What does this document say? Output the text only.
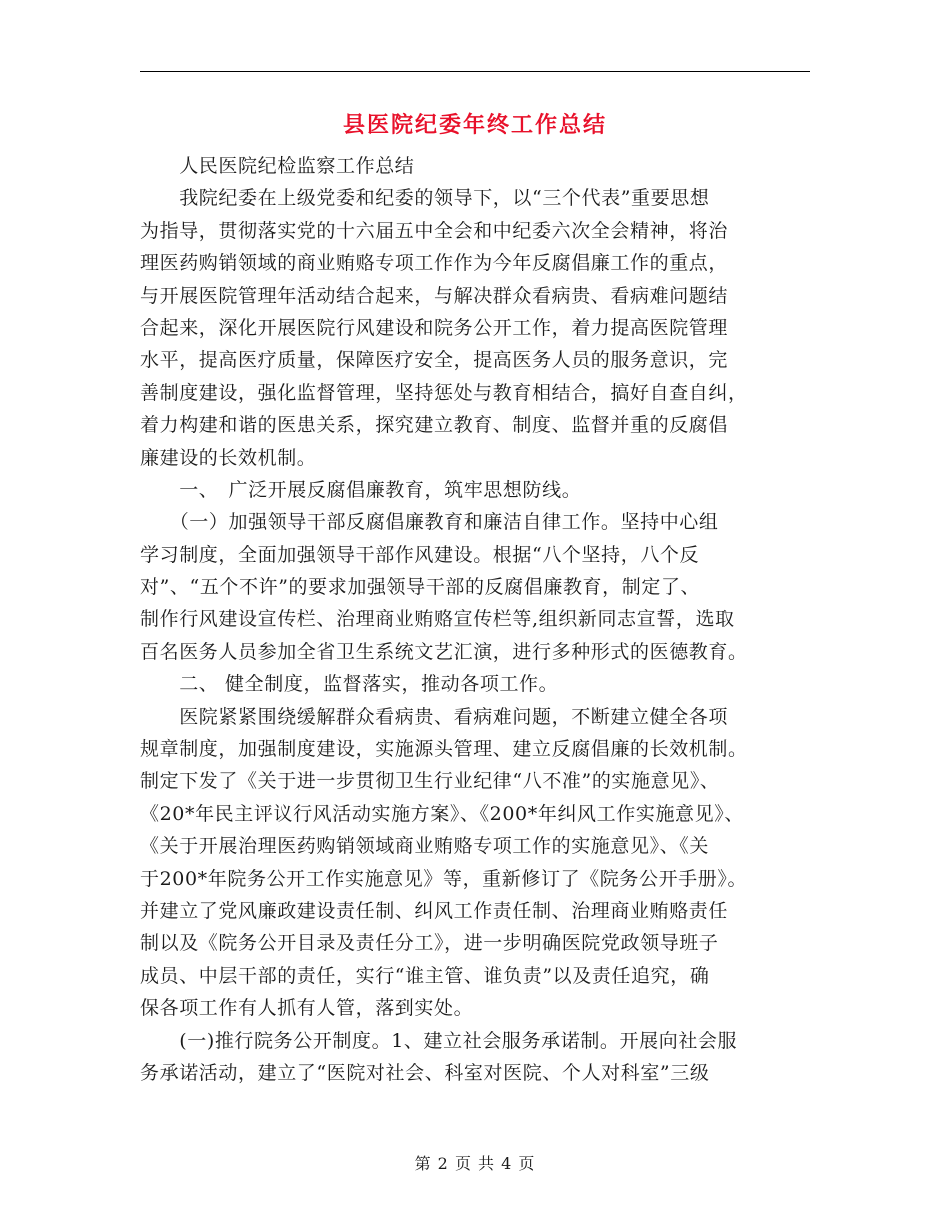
县医院纪委年终工作总结
　　人民医院纪检监察工作总结
　　我院纪委在上级党委和纪委的领导下，以“三个代表”重要思想
为指导，贯彻落实党的十六届五中全会和中纪委六次全会精神，将治
理医药购销领域的商业贿赂专项工作作为今年反腐倡廉工作的重点，
与开展医院管理年活动结合起来，与解决群众看病贵、看病难问题结
合起来，深化开展医院行风建设和院务公开工作，着力提高医院管理
水平，提高医疗质量，保障医疗安全，提高医务人员的服务意识，完
善制度建设，强化监督管理，坚持惩处与教育相结合，搞好自查自纠，
着力构建和谐的医患关系，探究建立教育、制度、监督并重的反腐倡
廉建设的长效机制。
　　一、　广泛开展反腐倡廉教育，筑牢思想防线。
　　（一）加强领导干部反腐倡廉教育和廉洁自律工作。坚持中心组
学习制度，全面加强领导干部作风建设。根据“八个坚持，八个反
对”、“五个不许”的要求加强领导干部的反腐倡廉教育，制定了、
制作行风建设宣传栏、治理商业贿赂宣传栏等,组织新同志宣誓，选取
百名医务人员参加全省卫生系统文艺汇演，进行多种形式的医德教育。
　　二、 健全制度，监督落实，推动各项工作。
　　医院紧紧围绕缓解群众看病贵、看病难问题，不断建立健全各项
规章制度，加强制度建设，实施源头管理、建立反腐倡廉的长效机制。
制定下发了《关于进一步贯彻卫生行业纪律“八不准”的实施意见》、
《20*年民主评议行风活动实施方案》、《200*年纠风工作实施意见》、
《关于开展治理医药购销领域商业贿赂专项工作的实施意见》、《关
于200*年院务公开工作实施意见》等，重新修订了《院务公开手册》。
并建立了党风廉政建设责任制、纠风工作责任制、治理商业贿赂责任
制以及《院务公开目录及责任分工》，进一步明确医院党政领导班子
成员、中层干部的责任，实行“谁主管、谁负责”以及责任追究，确
保各项工作有人抓有人管，落到实处。
　　(一)推行院务公开制度。1、建立社会服务承诺制。开展向社会服
务承诺活动，建立了“医院对社会、科室对医院、个人对科室”三级
第 2 页 共 4 页
